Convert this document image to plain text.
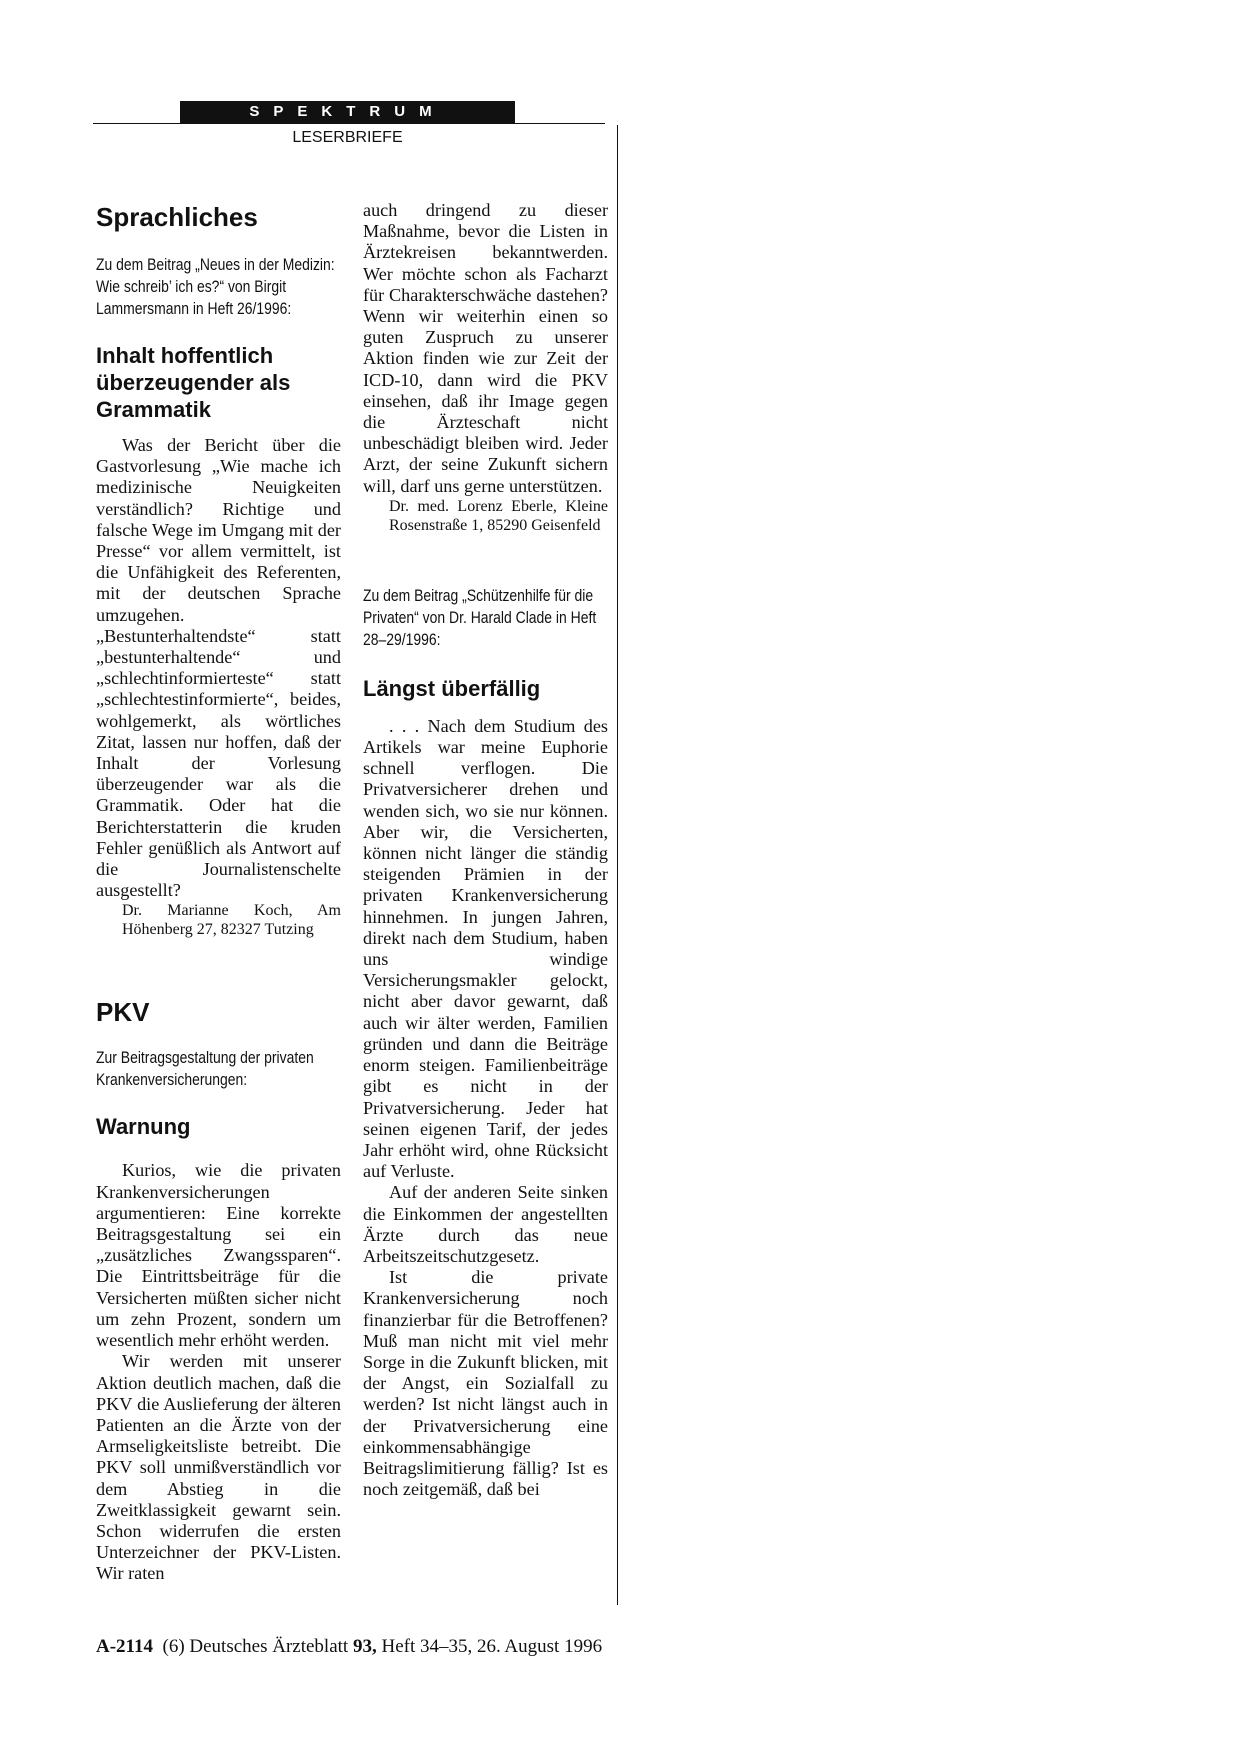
SPEKTRUM
LESERBRIEFE
Sprachliches

Zu dem Beitrag „Neues in der Medizin: Wie schreib’ ich es?“ von Birgit Lammersmann in Heft 26/1996:

Inhalt hoffentlich überzeugender als Grammatik

Was der Bericht über die Gastvorlesung „Wie mache ich medizinische Neuigkeiten verständlich? Richtige und falsche Wege im Umgang mit der Presse“ vor allem vermittelt, ist die Unfähigkeit des Referenten, mit der deutschen Sprache umzugehen. „Bestunterhaltendste“ statt „bestunterhaltende“ und „schlechtinformierteste“ statt „schlechtestinformierte“, beides, wohlgemerkt, als wörtliches Zitat, lassen nur hoffen, daß der Inhalt der Vorlesung überzeugender war als die Grammatik. Oder hat die Berichterstatterin die kruden Fehler genüßlich als Antwort auf die Journalistenschelte ausgestellt?

Dr. Marianne Koch, Am Höhenberg 27, 82327 Tutzing

PKV

Zur Beitragsgestaltung der privaten Krankenversicherungen:

Warnung

Kurios, wie die privaten Krankenversicherungen argumentieren: Eine korrekte Beitragsgestaltung sei ein „zusätzliches Zwangssparen“. Die Eintrittsbeiträge für die Versicherten müßten sicher nicht um zehn Prozent, sondern um wesentlich mehr erhöht werden.

Wir werden mit unserer Aktion deutlich machen, daß die PKV die Auslieferung der älteren Patienten an die Ärzte von der Armseligkeitsliste betreibt. Die PKV soll unmißverständlich vor dem Abstieg in die Zweitklassigkeit gewarnt sein. Schon widerrufen die ersten Unterzeichner der PKV-Listen. Wir raten

auch dringend zu dieser Maßnahme, bevor die Listen in Ärztekreisen bekanntwerden. Wer möchte schon als Facharzt für Charakterschwäche dastehen? Wenn wir weiterhin einen so guten Zuspruch zu unserer Aktion finden wie zur Zeit der ICD-10, dann wird die PKV einsehen, daß ihr Image gegen die Ärzteschaft nicht unbeschädigt bleiben wird. Jeder Arzt, der seine Zukunft sichern will, darf uns gerne unterstützen.

Dr. med. Lorenz Eberle, Kleine Rosenstraße 1, 85290 Geisenfeld

Zu dem Beitrag „Schützenhilfe für die Privaten“ von Dr. Harald Clade in Heft 28–29/1996:

Längst überfällig

. . . Nach dem Studium des Artikels war meine Euphorie schnell verflogen. Die Privatversicherer drehen und wenden sich, wo sie nur können. Aber wir, die Versicherten, können nicht länger die ständig steigenden Prämien in der privaten Krankenversicherung hinnehmen. In jungen Jahren, direkt nach dem Studium, haben uns windige Versicherungsmakler gelockt, nicht aber davor gewarnt, daß auch wir älter werden, Familien gründen und dann die Beiträge enorm steigen. Familienbeiträge gibt es nicht in der Privatversicherung. Jeder hat seinen eigenen Tarif, der jedes Jahr erhöht wird, ohne Rücksicht auf Verluste.

Auf der anderen Seite sinken die Einkommen der angestellten Ärzte durch das neue Arbeitszeitschutzgesetz.

Ist die private Krankenversicherung noch finanzierbar für die Betroffenen? Muß man nicht mit viel mehr Sorge in die Zukunft blicken, mit der Angst, ein Sozialfall zu werden? Ist nicht längst auch in der Privatversicherung eine einkommensabhängige Beitragslimitierung fällig? Ist es noch zeitgemäß, daß bei

A-2114 (6) Deutsches Ärzteblatt 93, Heft 34–35, 26. August 1996
